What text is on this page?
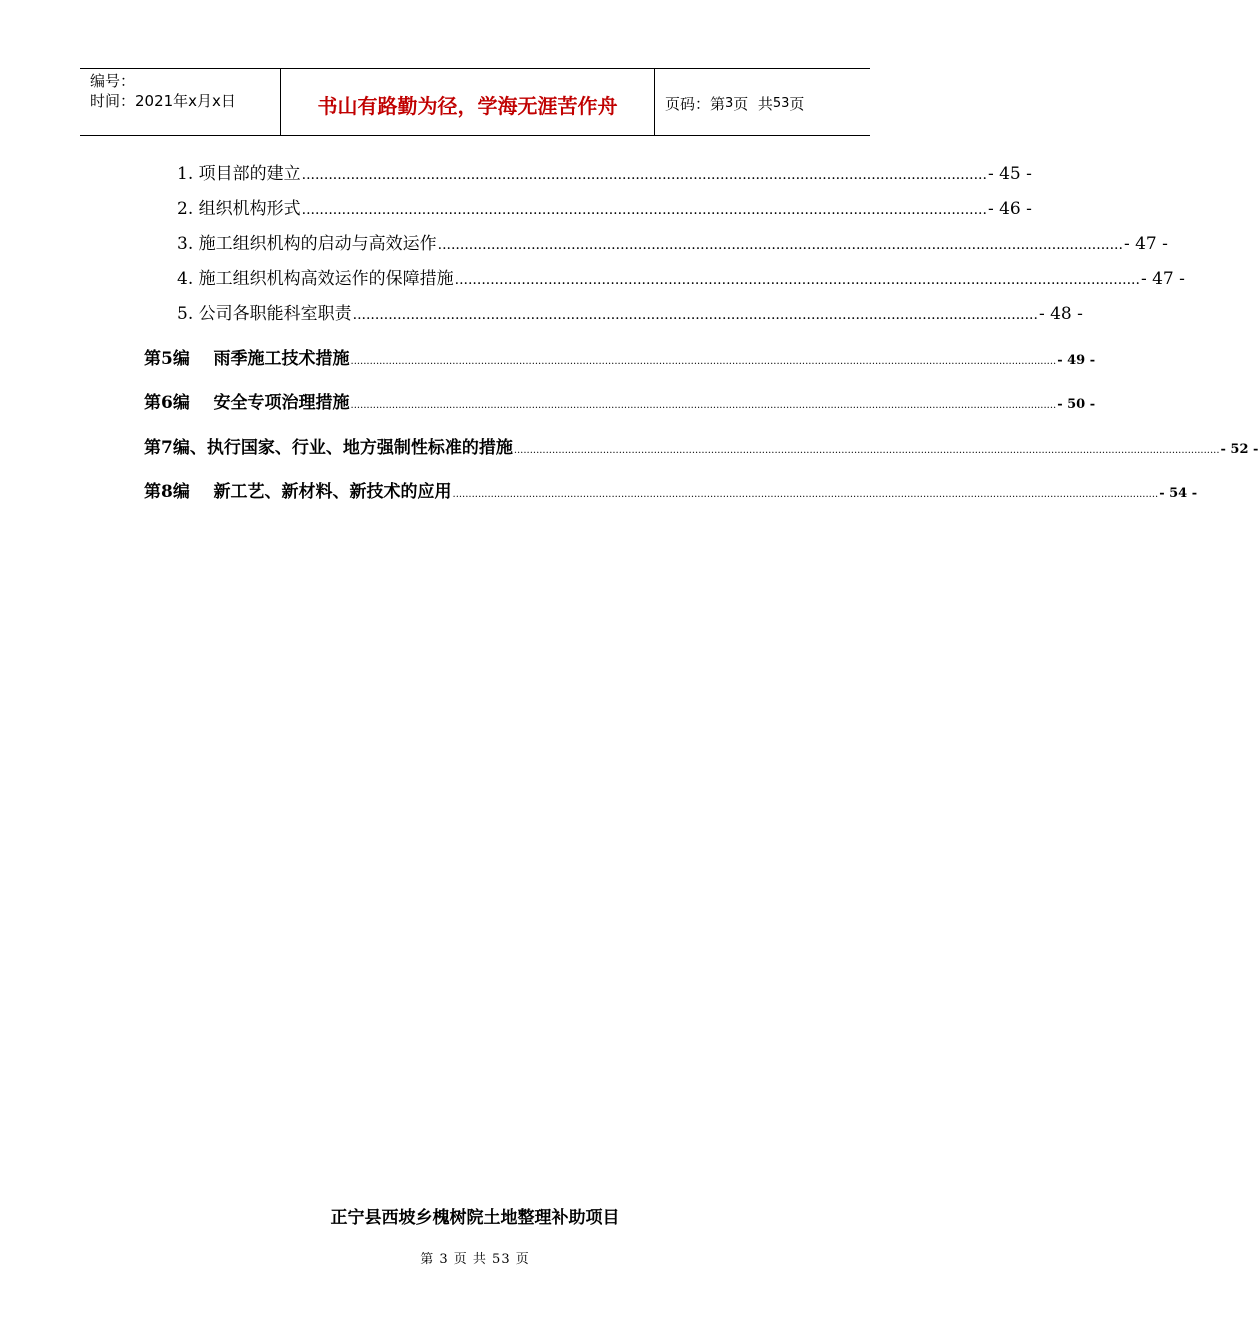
编号：
时间：2021年x月x日	书山有路勤为径，学海无涯苦作舟	页码：第 3 页  共 53 页
1. 项目部的建立 .......................................................................................................................................................... - 45 -
2. 组织机构形式 .......................................................................................................................................................... - 46 -
3. 施工组织机构的启动与高效运作 .......................................................................................................................................................... - 47 -
4. 施工组织机构高效运作的保障措施 .......................................................................................................................................................... - 47 -
5. 公司各职能科室职责 .......................................................................................................................................................... - 48 -
第5编    雨季施工技术措施 .............................................................................................................................................................................................................................. - 49 -
第6编    安全专项治理措施 .............................................................................................................................................................................................................................. - 50 -
第7编、执行国家、行业、地方强制性标准的措施 .............................................................................................................................................................................................................................. - 52 -
第8编    新工艺、新材料、新技术的应用 .............................................................................................................................................................................................................................. - 54 -
正宁县西坡乡槐树院土地整理补助项目
第 3 页 共 53 页
